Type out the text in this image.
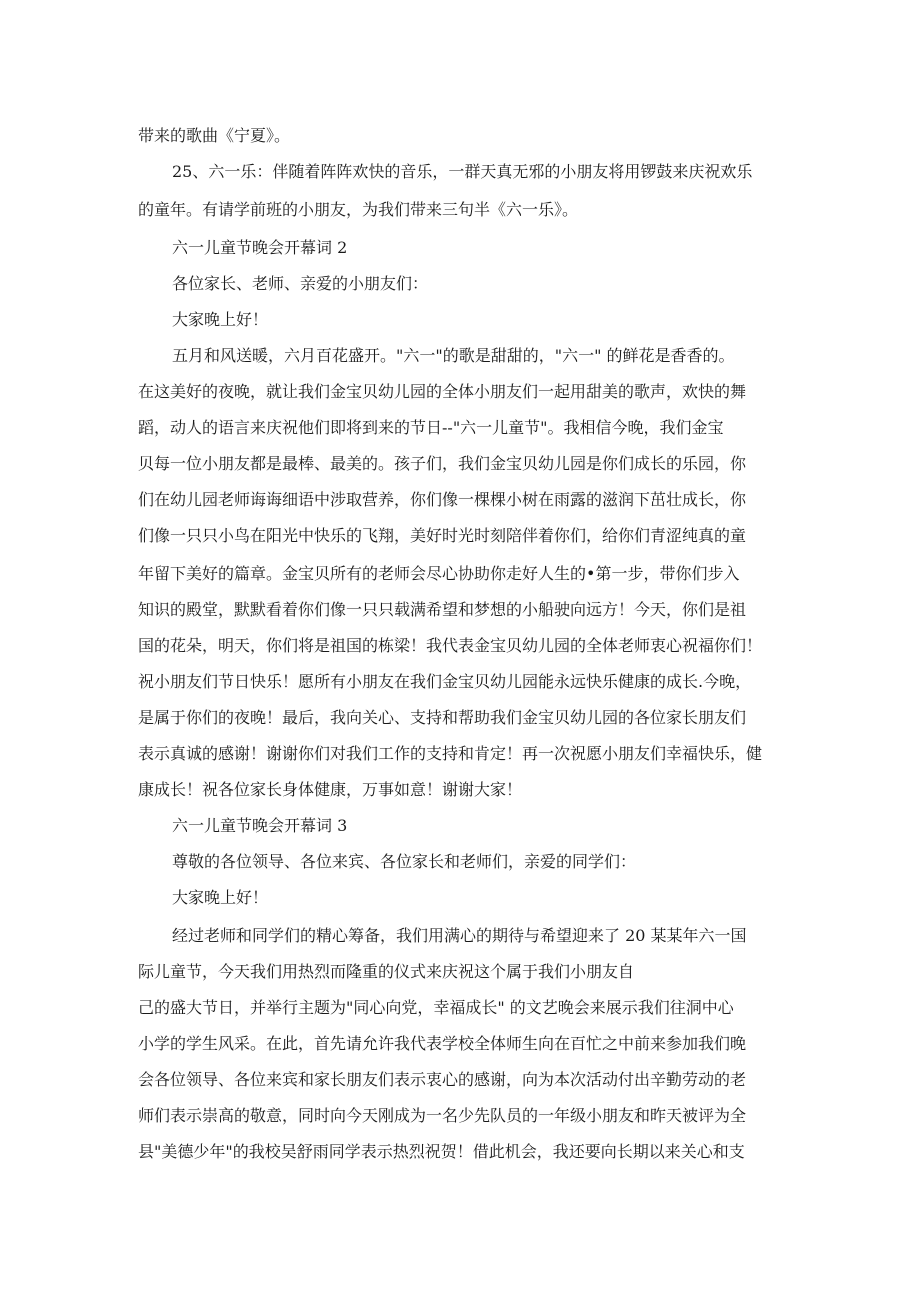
带来的歌曲《宁夏》。
25、六一乐：伴随着阵阵欢快的音乐，一群天真无邪的小朋友将用锣鼓来庆祝欢乐
的童年。有请学前班的小朋友，为我们带来三句半《六一乐》。
六一儿童节晚会开幕词 2
各位家长、老师、亲爱的小朋友们：
大家晚上好！
五月和风送暖，六月百花盛开。"六一"的歌是甜甜的，"六一" 的鲜花是香香的。
在这美好的夜晚，就让我们金宝贝幼儿园的全体小朋友们一起用甜美的歌声，欢快的舞
蹈，动人的语言来庆祝他们即将到来的节日--"六一儿童节"。我相信今晚，我们金宝
贝每一位小朋友都是最棒、最美的。孩子们，我们金宝贝幼儿园是你们成长的乐园，你
们在幼儿园老师诲诲细语中涉取营养，你们像一棵棵小树在雨露的滋润下茁壮成长，你
们像一只只小鸟在阳光中快乐的飞翔，美好时光时刻陪伴着你们，给你们青涩纯真的童
年留下美好的篇章。金宝贝所有的老师会尽心协助你走好人生的•第一步，带你们步入
知识的殿堂，默默看着你们像一只只载满希望和梦想的小船驶向远方！今天，你们是祖
国的花朵，明天，你们将是祖国的栋梁！我代表金宝贝幼儿园的全体老师衷心祝福你们！
祝小朋友们节日快乐！愿所有小朋友在我们金宝贝幼儿园能永远快乐健康的成长.今晚，
是属于你们的夜晚！最后，我向关心、支持和帮助我们金宝贝幼儿园的各位家长朋友们
表示真诚的感谢！谢谢你们对我们工作的支持和肯定！再一次祝愿小朋友们幸福快乐，健
康成长！祝各位家长身体健康，万事如意！谢谢大家！
六一儿童节晚会开幕词 3
尊敬的各位领导、各位来宾、各位家长和老师们，亲爱的同学们：
大家晚上好！
经过老师和同学们的精心筹备，我们用满心的期待与希望迎来了 20 某某年六一国
际儿童节，今天我们用热烈而隆重的仪式来庆祝这个属于我们小朋友自
己的盛大节日，并举行主题为"同心向党，幸福成长" 的文艺晚会来展示我们往洞中心
小学的学生风采。在此，首先请允许我代表学校全体师生向在百忙之中前来参加我们晚
会各位领导、各位来宾和家长朋友们表示衷心的感谢，向为本次活动付出辛勤劳动的老
师们表示崇高的敬意，同时向今天刚成为一名少先队员的一年级小朋友和昨天被评为全
县"美德少年"的我校吴舒雨同学表示热烈祝贺！借此机会，我还要向长期以来关心和支
